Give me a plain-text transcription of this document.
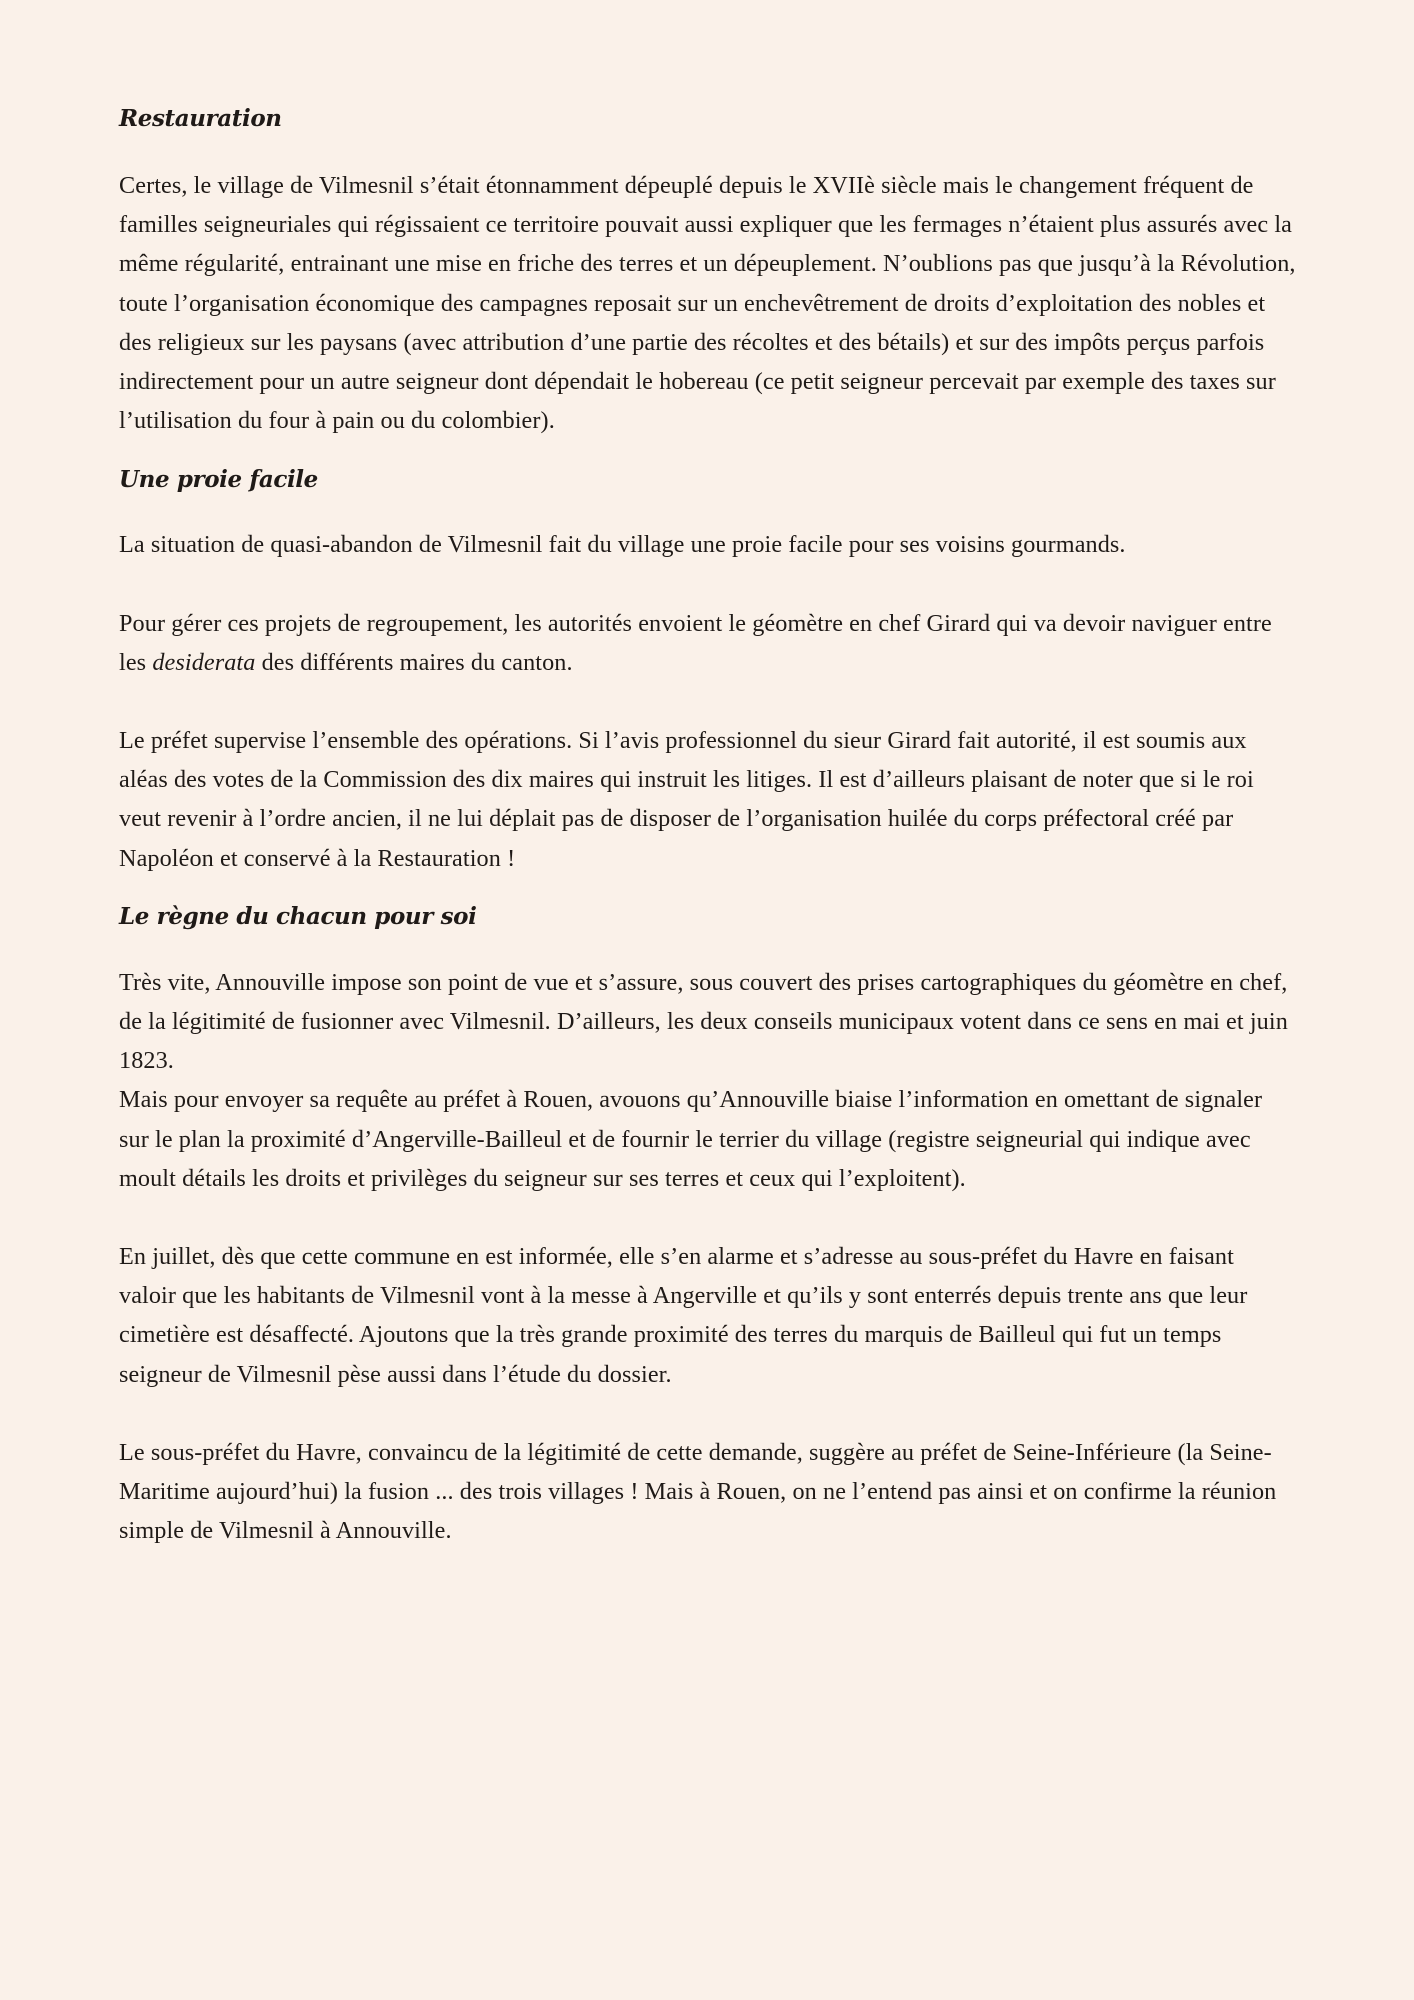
Restauration

Certes, le village de Vilmesnil s’était étonnamment dépeuplé depuis le XVIIè siècle mais le changement fréquent de familles seigneuriales qui régissaient ce territoire pouvait aussi expliquer que les fermages n’étaient plus assurés avec la même régularité, entrainant une mise en friche des terres et un dépeuplement. N’oublions pas que jusqu’à la Révolution, toute l’organisation économique des campagnes reposait sur un enchevêtrement de droits d’exploitation des nobles et des religieux sur les paysans (avec attribution d’une partie des récoltes et des bétails) et sur des impôts perçus parfois indirectement pour un autre seigneur dont dépendait le hobereau (ce petit seigneur percevait par exemple des taxes sur l’utilisation du four à pain ou du colombier).

Une proie facile

La situation de quasi-abandon de Vilmesnil fait du village une proie facile pour ses voisins gourmands.

Pour gérer ces projets de regroupement, les autorités envoient le géomètre en chef Girard qui va devoir naviguer entre les desiderata des différents maires du canton.

Le préfet supervise l’ensemble des opérations. Si l’avis professionnel du sieur Girard fait autorité, il est soumis aux aléas des votes de la Commission des dix maires qui instruit les litiges. Il est d’ailleurs plaisant de noter que si le roi veut revenir à l’ordre ancien, il ne lui déplait pas de disposer de l’organisation huilée du corps préfectoral créé par Napoléon et conservé à la Restauration !

Le règne du chacun pour soi

Très vite, Annouville impose son point de vue et s’assure, sous couvert des prises cartographiques du géomètre en chef, de la légitimité de fusionner avec Vilmesnil. D’ailleurs, les deux conseils municipaux votent dans ce sens en mai et juin 1823.

Mais pour envoyer sa requête au préfet à Rouen, avouons qu’Annouville biaise l’information en omettant de signaler sur le plan la proximité d’Angerville-Bailleul et de fournir le terrier du village (registre seigneurial qui indique avec moult détails les droits et privilèges du seigneur sur ses terres et ceux qui l’exploitent).

En juillet, dès que cette commune en est informée, elle s’en alarme et s’adresse au sous-préfet du Havre en faisant valoir que les habitants de Vilmesnil vont à la messe à Angerville et qu’ils y sont enterrés depuis trente ans que leur cimetière est désaffecté. Ajoutons que la très grande proximité des terres du marquis de Bailleul qui fut un temps seigneur de Vilmesnil pèse aussi dans l’étude du dossier.

Le sous-préfet du Havre, convaincu de la légitimité de cette demande, suggère au préfet de Seine-Inférieure (la Seine-Maritime aujourd’hui) la fusion ... des trois villages ! Mais à Rouen, on ne l’entend pas ainsi et on confirme la réunion simple de Vilmesnil à Annouville.
